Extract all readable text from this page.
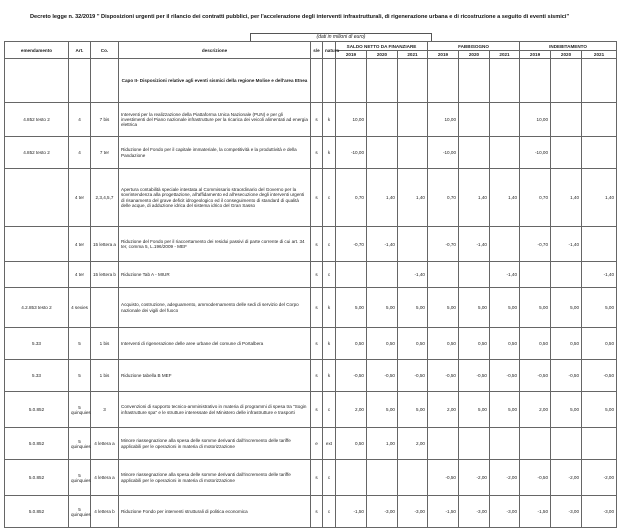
Decreto legge n. 32/2019 " Disposizioni urgenti per il rilancio dei contratti pubblici, per l'accelerazione degli interventi infrastrutturali, di rigenerazione urbana e di ricostruzione a seguito di eventi sismici"
(dati in milioni di euro)
emendamento	Art.	Co.	descrizione	s/e	natura	SALDO NETTO DA FINANZIARE			FABBISOGNO			INDEBITAMENTO		
						2019	2020	2021	2019	2020	2021	2019	2020	2021
			Capo II- Disposizioni relative agli eventi sismici della regione Molise e dell'area Etnea											
4.852 testo 2	4	7 bis	Interventi per la realizzazione della Piattaforma Unica Nazionale (PUN) e per gli investimenti del Piano nazionale infrastrutture per la ricarica dei veicoli alimentati ad energia elettrica	s	k	10,00			10,00			10,00		
4.852 testo 2	4	7 ter	Riduzione del Fondo per il capitale immateriale, la competitività e la produttività e della Pandazione	s	k	-10,00			-10,00			-10,00		
	4 ter	2,3,4,5,7	Apertura contabilità speciale intestata al Commissario straordinario del Governo per la sovrintendenza alla progettazione, all'affidamento ed all'esecuzione degli interventi urgenti di risanamento del grave deficit idrogeologico ed il conseguimento di standard di qualità delle acque, di adduzione idrica del sistema idrico del Gran Sasso	s	c	0,70	1,40	1,40	0,70	1,40	1,40	0,70	1,40	1,40
	4 ter	15 lettera a	Riduzione del Fondo per il riaccertamento dei residui passivi di parte corrente di cui art. 34 ter, comma 5, L.196/2009 - MEF	s	c	-0,70	-1,40		-0,70	-1,40		-0,70	-1,40	
	4 ter	15 lettera b	Riduzione Tab A - MIUR	s	c			-1,40			-1,40			-1,40
4.2.853 testo 2	4 sexies		Acquisto, costruzione, adeguamento, ammodernamento delle sedi di servizio del Corpo nazionale dei vigili del fuoco	s	k	5,00	5,00	5,00	5,00	5,00	5,00	5,00	5,00	5,00
5.33	5	1 bis	Interventi di rigenerazione delle aree urbane del comune di Portalbera	s	k	0,50	0,50	0,50	0,50	0,50	0,50	0,50	0,50	0,50
5.33	5	1 bis	Riduzione tabella B MEF	s	k	-0,50	-0,50	-0,50	-0,50	-0,50	-0,50	-0,50	-0,50	-0,50
5.0.852	5 quinquies	3	Convenzioni di supporto tecnico-amministrativo in materia di programmi di spesa tra "Sogin infrastrutture spa" e le strutture interessate del Ministero delle infrastrutture e trasporti	s	c	2,00	5,00	5,00	2,00	5,00	5,00	2,00	5,00	5,00
5.0.852	5 quinquies	4 lettera a	Minore riassegnazione alla spesa delle somme derivanti dall'incremento delle tariffe applicabili per le operazioni in materia di motorizzazione	e	ext	0,50	1,00	2,00						
5.0.852	5 quinquies	4 lettera a	Minore riassegnazione alla spesa delle somme derivanti dall'incremento delle tariffe applicabili per le operazioni in materia di motorizzazione	s	c				-0,50	-2,00	-2,00	-0,50	-2,00	-2,00
5.0.852	5 quinquies	4 lettera b	Riduzione Fondo per interventi strutturali di politica economica	s	c	-1,50	-3,00	-3,00	-1,50	-3,00	-3,00	-1,50	-3,00	-3,00
